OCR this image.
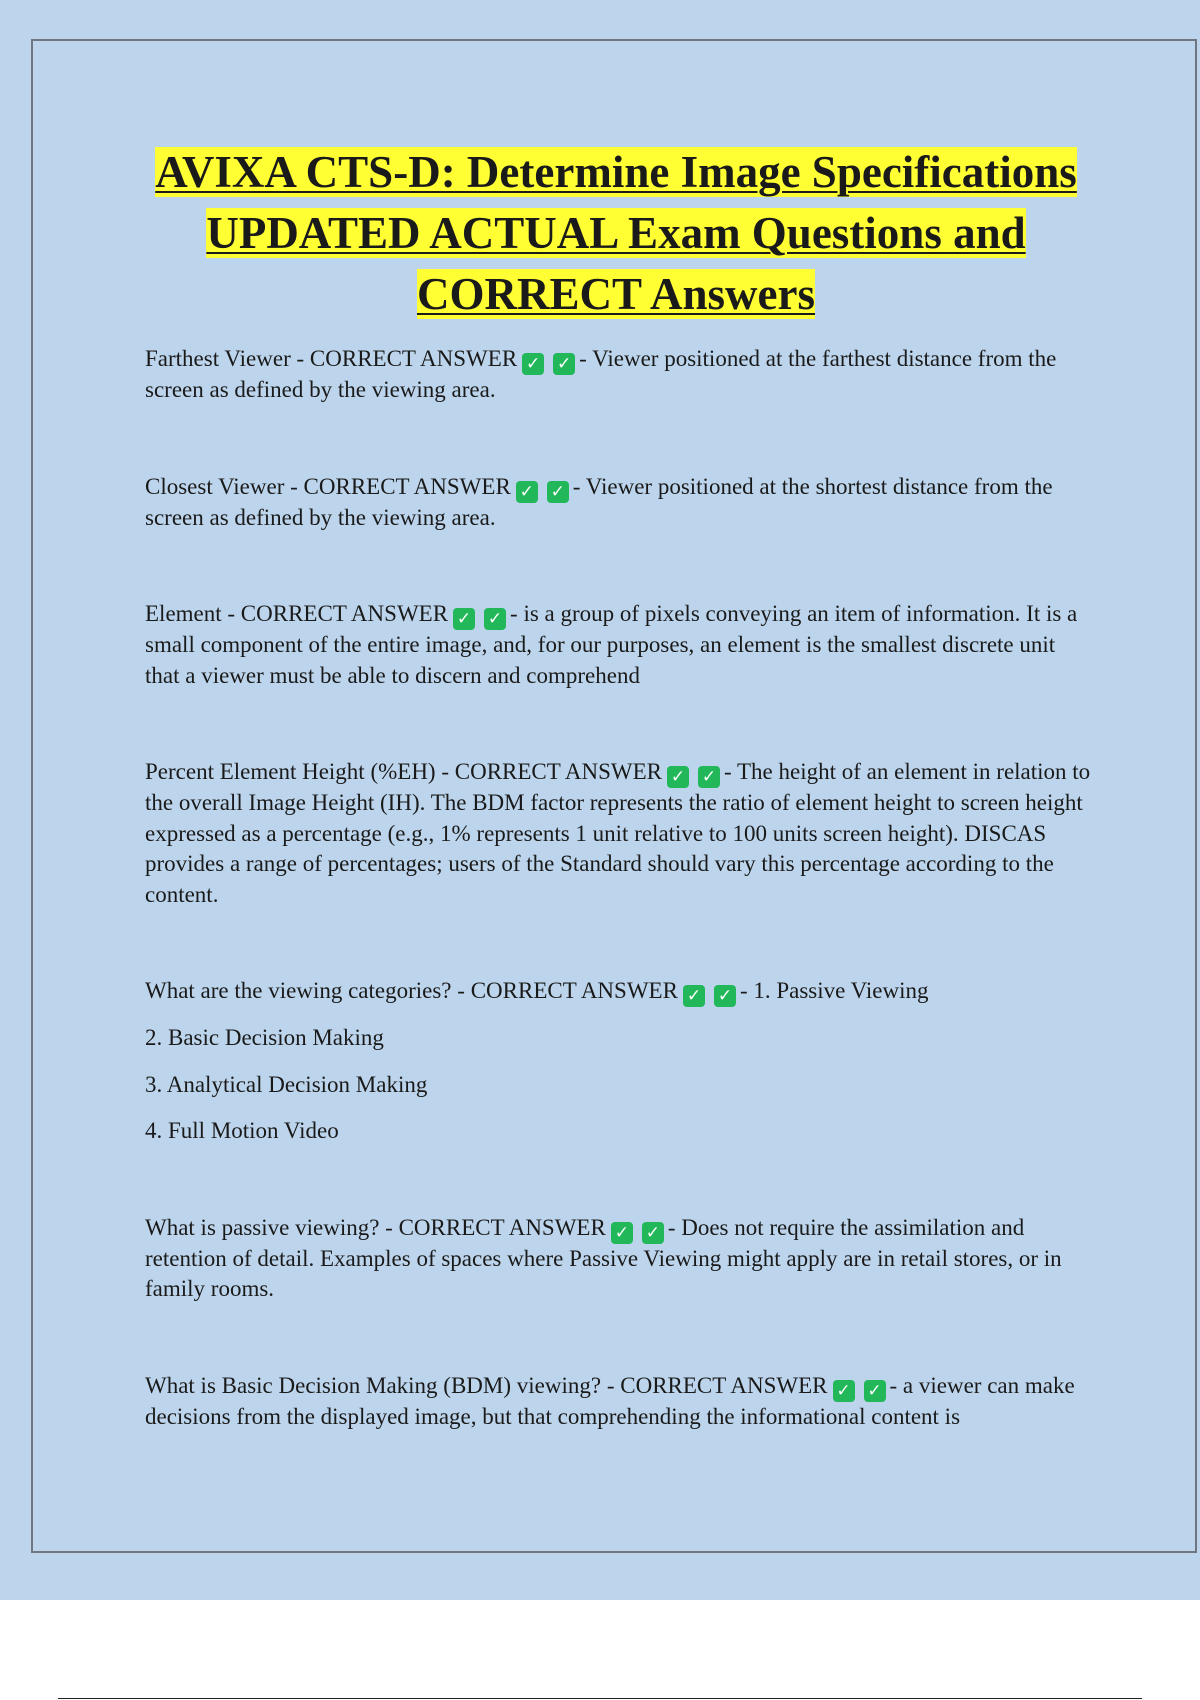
AVIXA CTS-D: Determine Image Specifications UPDATED ACTUAL Exam Questions and CORRECT Answers

Farthest Viewer - CORRECT ANSWER ✓ ✓ - Viewer positioned at the farthest distance from the screen as defined by the viewing area.

Closest Viewer - CORRECT ANSWER ✓ ✓ - Viewer positioned at the shortest distance from the screen as defined by the viewing area.

Element - CORRECT ANSWER ✓ ✓ - is a group of pixels conveying an item of information. It is a small component of the entire image, and, for our purposes, an element is the smallest discrete unit that a viewer must be able to discern and comprehend

Percent Element Height (%EH) - CORRECT ANSWER ✓ ✓ - The height of an element in relation to the overall Image Height (IH). The BDM factor represents the ratio of element height to screen height expressed as a percentage (e.g., 1% represents 1 unit relative to 100 units screen height). DISCAS provides a range of percentages; users of the Standard should vary this percentage according to the content.

What are the viewing categories? - CORRECT ANSWER ✓ ✓ - 1. Passive Viewing

2. Basic Decision Making

3. Analytical Decision Making

4. Full Motion Video

What is passive viewing? - CORRECT ANSWER ✓ ✓ - Does not require the assimilation and retention of detail. Examples of spaces where Passive Viewing might apply are in retail stores, or in family rooms.

What is Basic Decision Making (BDM) viewing? - CORRECT ANSWER ✓ ✓ - a viewer can make decisions from the displayed image, but that comprehending the informational content is
